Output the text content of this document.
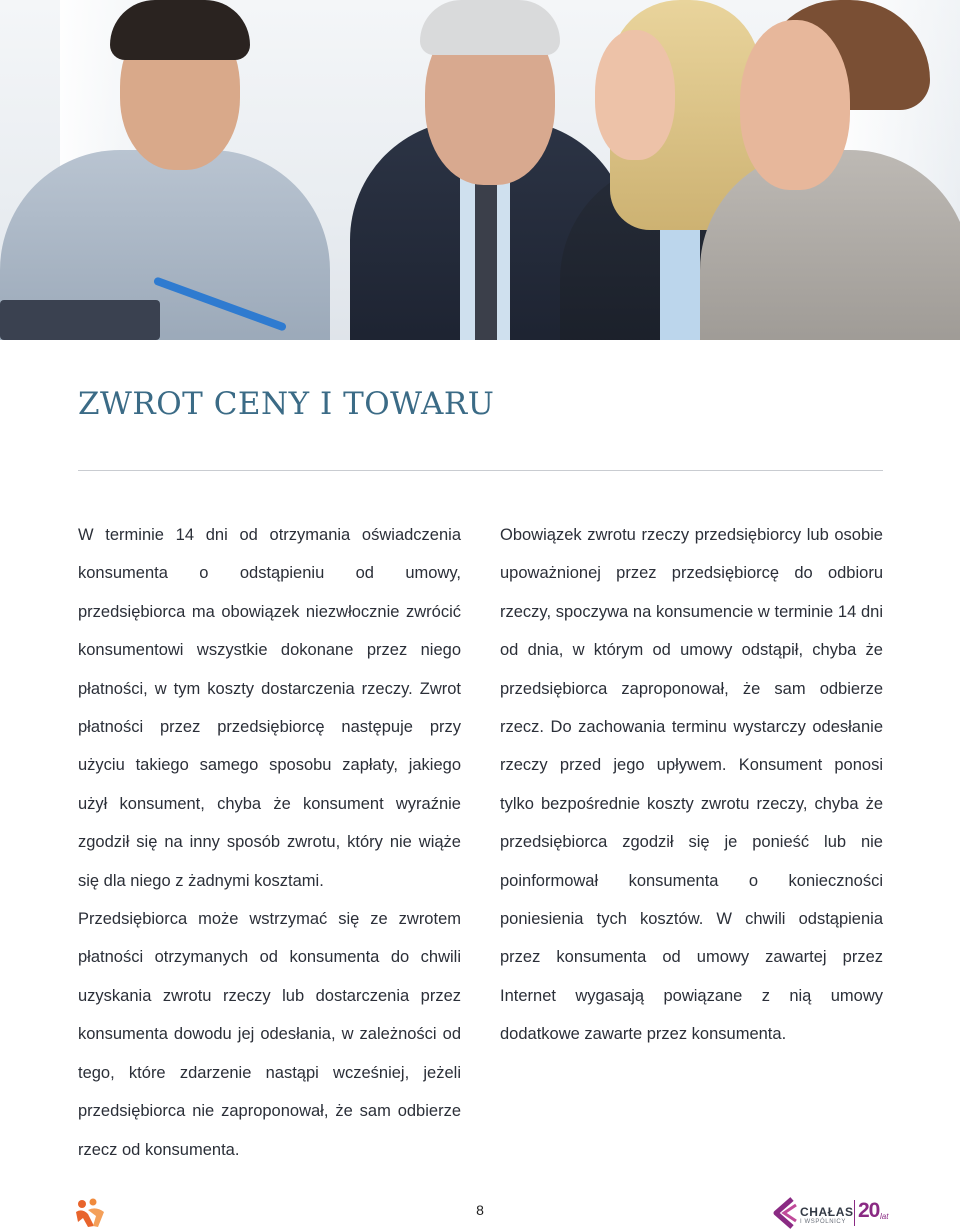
ZWROT CENY I TOWARU

W terminie 14 dni od otrzymania oświadczenia konsumenta o odstąpieniu od umowy, przedsiębiorca ma obowiązek niezwłocznie zwrócić konsumentowi wszystkie dokonane przez niego płatności, w tym koszty dostarczenia rzeczy. Zwrot płatności przez przedsiębiorcę następuje przy użyciu takiego samego sposobu zapłaty, jakiego użył konsument, chyba że konsument wyraźnie zgodził się na inny sposób zwrotu, który nie wiąże się dla niego z żadnymi kosztami.

Przedsiębiorca może wstrzymać się ze zwrotem płatności otrzymanych od konsumenta do chwili uzyskania zwrotu rzeczy lub dostarczenia przez konsumenta dowodu jej odesłania, w zależności od tego, które zdarzenie nastąpi wcześniej, jeżeli przedsiębiorca nie zaproponował, że sam odbierze rzecz od konsumenta.

Obowiązek zwrotu rzeczy przedsiębiorcy lub osobie upoważnionej przez przedsiębiorcę do odbioru rzeczy, spoczywa na konsumencie w terminie 14 dni od dnia, w którym od umowy odstąpił, chyba że przedsiębiorca zaproponował, że sam odbierze rzecz. Do zachowania terminu wystarczy odesłanie rzeczy przed jego upływem. Konsument ponosi tylko bezpośrednie koszty zwrotu rzeczy, chyba że przedsiębiorca zgodził się je ponieść lub nie poinformował konsumenta o konieczności poniesienia tych kosztów. W chwili odstąpienia przez konsumenta od umowy zawartej przez Internet wygasają powiązane z nią umowy dodatkowe zawarte przez konsumenta.

8	CHAŁAS
I WSPÓLNICY 20 lat
